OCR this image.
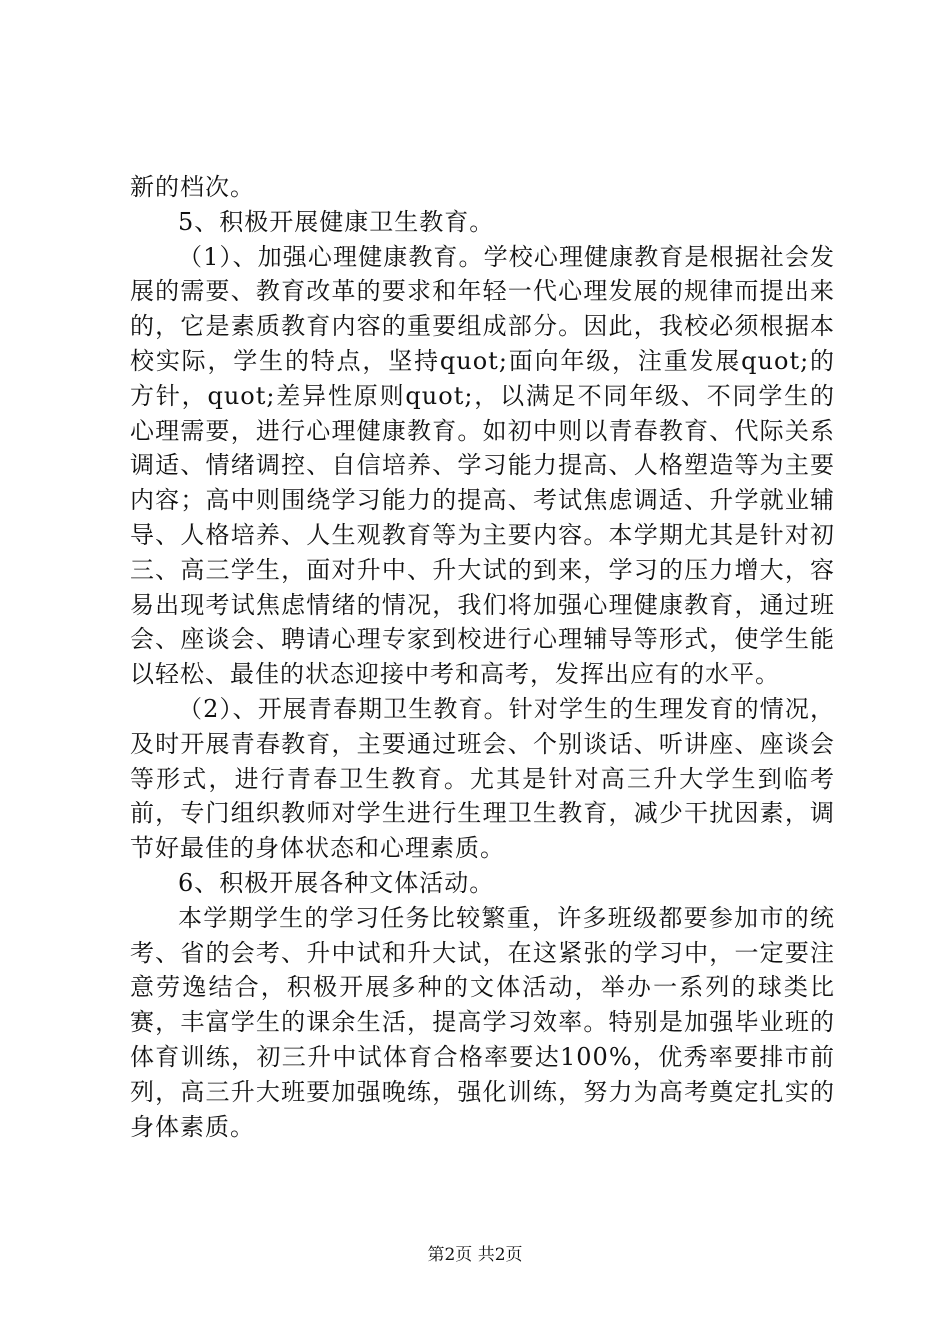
新的档次。

5、积极开展健康卫生教育。

（1）、加强心理健康教育。学校心理健康教育是根据社会发展的需要、教育改革的要求和年轻一代心理发展的规律而提出来的，它是素质教育内容的重要组成部分。因此，我校必须根据本校实际，学生的特点，坚持quot;面向年级，注重发展quot;的方针，quot;差异性原则quot;，以满足不同年级、不同学生的心理需要，进行心理健康教育。如初中则以青春教育、代际关系调适、情绪调控、自信培养、学习能力提高、人格塑造等为主要内容；高中则围绕学习能力的提高、考试焦虑调适、升学就业辅导、人格培养、人生观教育等为主要内容。本学期尤其是针对初三、高三学生，面对升中、升大试的到来，学习的压力增大，容易出现考试焦虑情绪的情况，我们将加强心理健康教育，通过班会、座谈会、聘请心理专家到校进行心理辅导等形式，使学生能以轻松、最佳的状态迎接中考和高考，发挥出应有的水平。

（2）、开展青春期卫生教育。针对学生的生理发育的情况，及时开展青春教育，主要通过班会、个别谈话、听讲座、座谈会等形式，进行青春卫生教育。尤其是针对高三升大学生到临考前，专门组织教师对学生进行生理卫生教育，减少干扰因素，调节好最佳的身体状态和心理素质。

6、积极开展各种文体活动。

本学期学生的学习任务比较繁重，许多班级都要参加市的统考、省的会考、升中试和升大试，在这紧张的学习中，一定要注意劳逸结合，积极开展多种的文体活动，举办一系列的球类比赛，丰富学生的课余生活，提高学习效率。特别是加强毕业班的体育训练，初三升中试体育合格率要达100%，优秀率要排市前列，高三升大班要加强晚练，强化训练，努力为高考奠定扎实的身体素质。

第2页 共2页
